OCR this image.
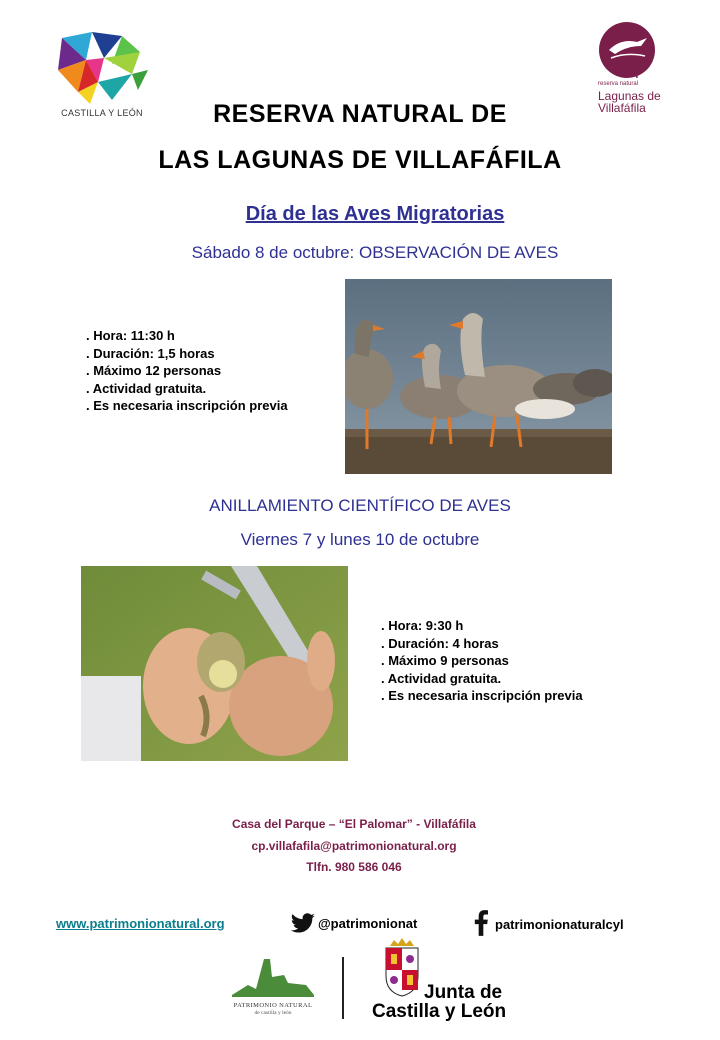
CASTILLA Y LEÓN
reserva natural
Lagunas de
Villafáfila
RESERVA NATURAL DE
LAS LAGUNAS DE VILLAFÁFILA
Día de las Aves Migratorias
Sábado 8 de octubre: OBSERVACIÓN DE AVES
. Hora: 11:30 h
. Duración: 1,5 horas
. Máximo 12 personas
. Actividad gratuita.
. Es necesaria inscripción previa
ANILLAMIENTO CIENTÍFICO DE AVES
Viernes 7 y lunes 10 de octubre
. Hora: 9:30 h
. Duración: 4 horas
. Máximo 9 personas
. Actividad gratuita.
. Es necesaria inscripción previa
Casa del Parque – “El Palomar” - Villafáfila
cp.villafafila@patrimonionatural.org
Tlfn. 980 586 046
www.patrimonionatural.org	@patrimonionat	patrimonionaturalcyl
PATRIMONIO NATURAL
de castilla y león
Junta de
Castilla y León
